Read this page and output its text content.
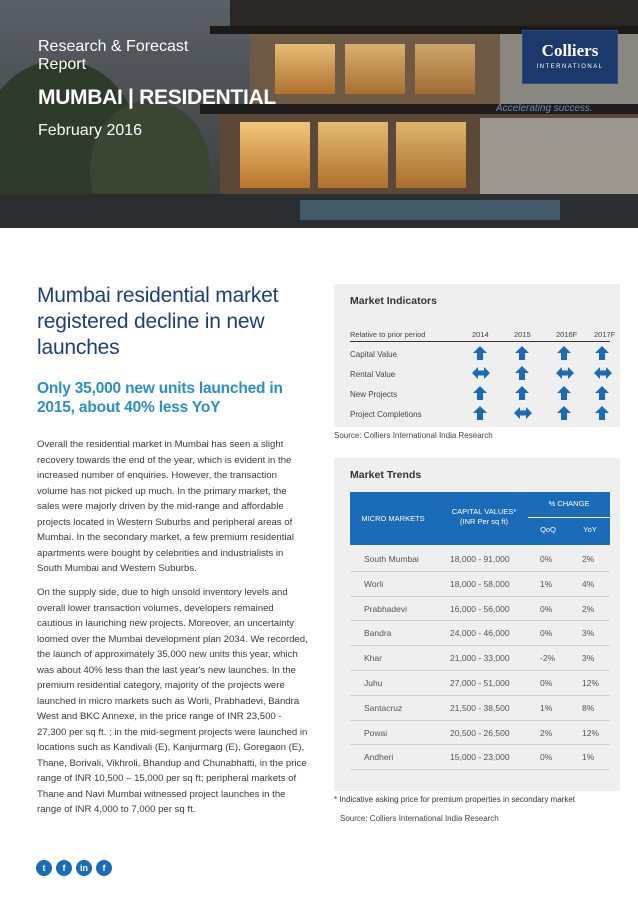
Research & Forecast Report
MUMBAI | RESIDENTIAL
February 2016
Colliers
INTERNATIONAL
Accelerating success.
Mumbai residential market registered decline in new launches
Only 35,000 new units launched in 2015, about 40% less YoY

Overall the residential market in Mumbai has seen a slight recovery towards the end of the year, which is evident in the increased number of enquiries. However, the transaction volume has not picked up much. In the primary market, the sales were majorly driven by the mid-range and affordable projects located in Western Suburbs and peripheral areas of Mumbai. In the secondary market, a few premium residential apartments were bought by celebrities and industrialists in South Mumbai and Western Suburbs.

On the supply side, due to high unsold inventory levels and overall lower transaction volumes, developers remained cautious in launching new projects. Moreover, an uncertainty loomed over the Mumbai development plan 2034. We recorded, the launch of approximately 35,000 new units this year, which was about 40% less than the last year's new launches. In the premium residential category, majority of the projects were launched in micro markets such as Worli, Prabhadevi, Bandra West and BKC Annexe, in the price range of INR 23,500 - 27,300 per sq ft. ; in the mid-segment projects were launched in locations such as Kandivali (E), Kanjurmarg (E), Goregaon (E), Thane, Borivali, Vikhroli, Bhandup and Chunabhatti, in the price range of INR 10,500 – 15,000 per sq ft; peripheral markets of Thane and Navi Mumbai witnessed project launches in the range of INR 4,000 to 7,000 per sq ft.

Market Indicators
Relative to prior period	2014	2015	2016F 2017F
Capital Value
Rental Value
New Projects
Project Completions
Source: Colliers International India Research
Market Trends
MICRO MARKETS
CAPITAL VALUES* (INR Per sq ft)
% CHANGE
QoQ	YoY
South Mumbai	18,000 - 91,000	0%	2%
Worli	18,000 - 58,000	1%	4%
Prabhadevi	16,000 - 56,000	0%	2%
Bandra	24,000 - 46,000	0%	3%
Khar	21,000 - 33,000	-2%	3%
Juhu	27,000 - 51,000	0%	12%
Santacruz	21,500 - 38,500	1%	8%
Powai	20,500 - 26,500	2%	12%
Andheri	15,000 - 23,000	0%	1%
* Indicative asking price for premium properties in secondary market
Source: Colliers International India Research
t	f	in	f
